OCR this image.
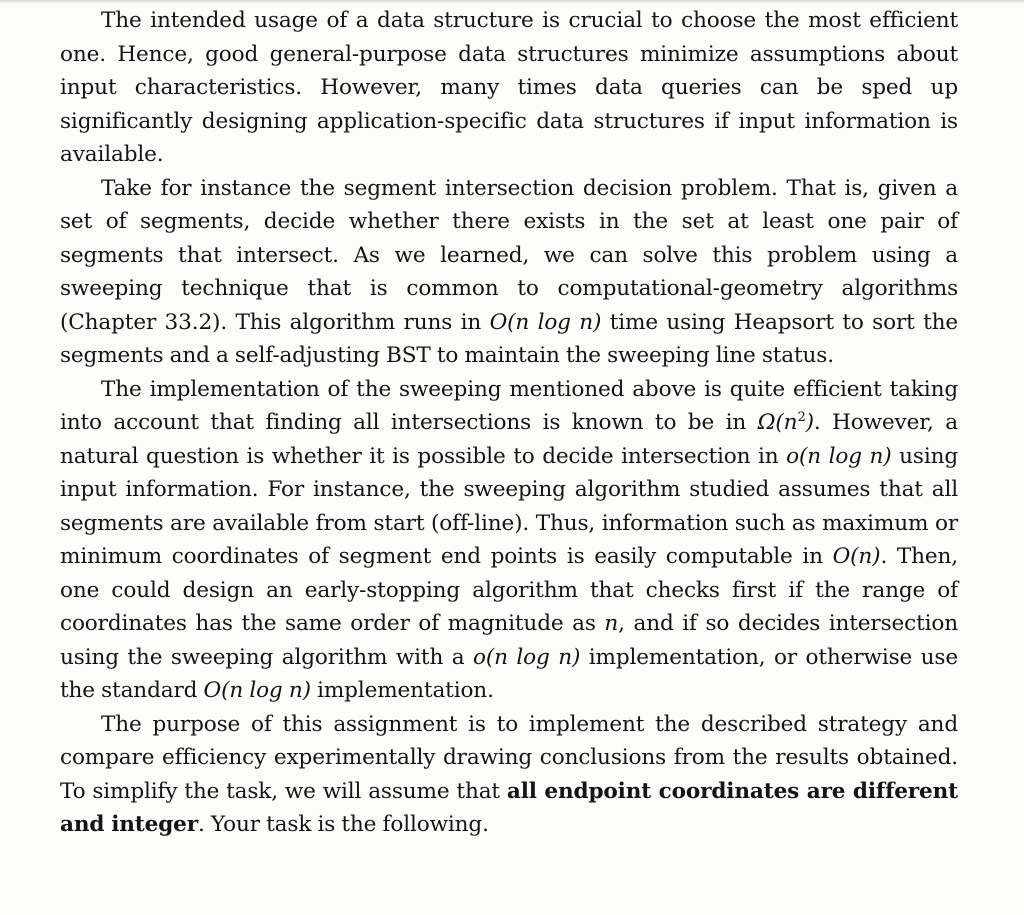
The intended usage of a data structure is crucial to choose the most efficient one. Hence, good general-purpose data structures minimize assumptions about input characteristics. However, many times data queries can be sped up significantly designing application-specific data structures if input information is available.

Take for instance the segment intersection decision problem. That is, given a set of segments, decide whether there exists in the set at least one pair of segments that intersect. As we learned, we can solve this problem using a sweeping technique that is common to computational-geometry algorithms (Chapter 33.2). This algorithm runs in O(n log n) time using Heapsort to sort the segments and a self-adjusting BST to maintain the sweeping line status.

The implementation of the sweeping mentioned above is quite efficient taking into account that finding all intersections is known to be in $\Omega(n^2)$. However, a natural question is whether it is possible to decide intersection in o(n log n) using input information. For instance, the sweeping algorithm studied assumes that all segments are available from start (off-line). Thus, information such as maximum or minimum coordinates of segment end points is easily computable in O(n). Then, one could design an early-stopping algorithm that checks first if the range of coordinates has the same order of magnitude as n, and if so decides intersection using the sweeping algorithm with a o(n log n) implementation, or otherwise use the standard O(n log n) implementation.

The purpose of this assignment is to implement the described strategy and compare efficiency experimentally drawing conclusions from the results obtained. To simplify the task, we will assume that all endpoint coordinates are different and integer. Your task is the following.
